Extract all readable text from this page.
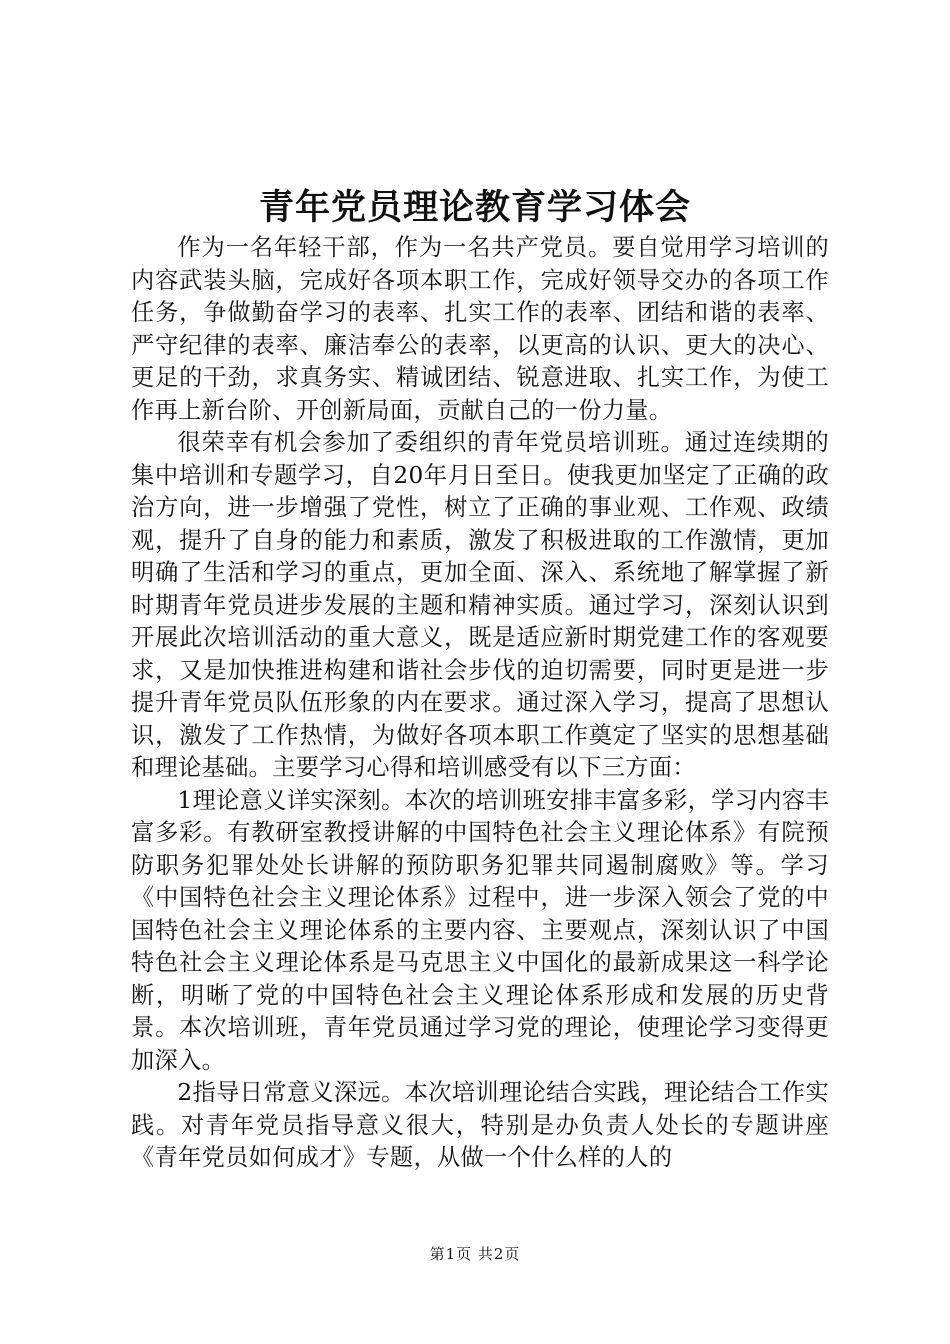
青年党员理论教育学习体会

作为一名年轻干部，作为一名共产党员。要自觉用学习培训的内容武装头脑，完成好各项本职工作，完成好领导交办的各项工作任务，争做勤奋学习的表率、扎实工作的表率、团结和谐的表率、严守纪律的表率、廉洁奉公的表率，以更高的认识、更大的决心、更足的干劲，求真务实、精诚团结、锐意进取、扎实工作，为使工作再上新台阶、开创新局面，贡献自己的一份力量。

很荣幸有机会参加了委组织的青年党员培训班。通过连续期的集中培训和专题学习，自20年月日至日。使我更加坚定了正确的政治方向，进一步增强了党性，树立了正确的事业观、工作观、政绩观，提升了自身的能力和素质，激发了积极进取的工作激情，更加明确了生活和学习的重点，更加全面、深入、系统地了解掌握了新时期青年党员进步发展的主题和精神实质。通过学习，深刻认识到开展此次培训活动的重大意义，既是适应新时期党建工作的客观要求，又是加快推进构建和谐社会步伐的迫切需要，同时更是进一步提升青年党员队伍形象的内在要求。通过深入学习，提高了思想认识，激发了工作热情，为做好各项本职工作奠定了坚实的思想基础和理论基础。主要学习心得和培训感受有以下三方面：

1理论意义详实深刻。本次的培训班安排丰富多彩，学习内容丰富多彩。有教研室教授讲解的中国特色社会主义理论体系》有院预防职务犯罪处处长讲解的预防职务犯罪共同遏制腐败》等。学习《中国特色社会主义理论体系》过程中，进一步深入领会了党的中国特色社会主义理论体系的主要内容、主要观点，深刻认识了中国特色社会主义理论体系是马克思主义中国化的最新成果这一科学论断，明晰了党的中国特色社会主义理论体系形成和发展的历史背景。本次培训班，青年党员通过学习党的理论，使理论学习变得更加深入。

2指导日常意义深远。本次培训理论结合实践，理论结合工作实践。对青年党员指导意义很大，特别是办负责人处长的专题讲座《青年党员如何成才》专题，从做一个什么样的人的

第1页 共2页
